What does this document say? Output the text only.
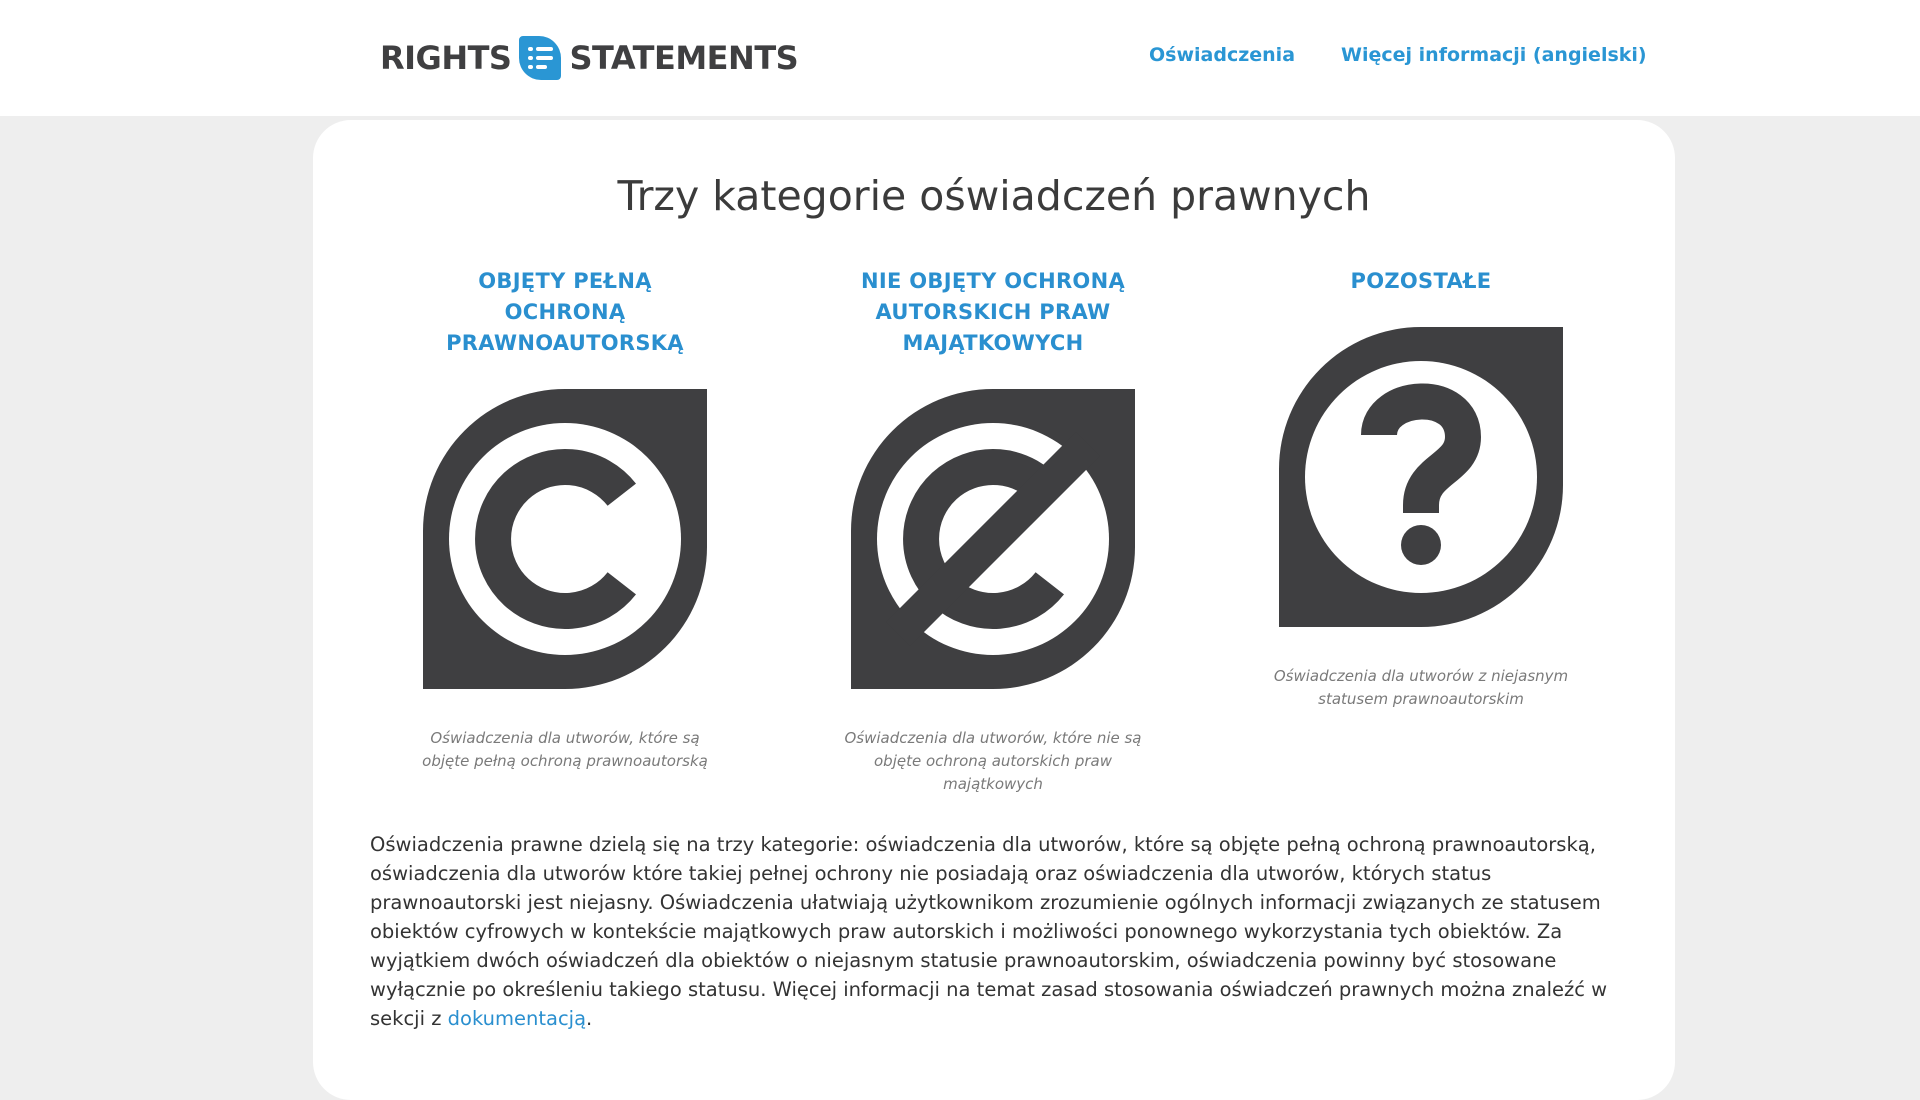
RIGHTS STATEMENTS	Oświadczenia Więcej informacji (angielski)
Trzy kategorie oświadczeń prawnych
OBJĘTY PEŁNĄ OCHRONĄ PRAWNOAUTORSKĄ
Oświadczenia dla utworów, które są objęte pełną ochroną prawnoautorską
NIE OBJĘTY OCHRONĄ AUTORSKICH PRAW MAJĄTKOWYCH
Oświadczenia dla utworów, które nie są objęte ochroną autorskich praw majątkowych
POZOSTAŁE
Oświadczenia dla utworów z niejasnym statusem prawnoautorskim

Oświadczenia prawne dzielą się na trzy kategorie: oświadczenia dla utworów, które są objęte pełną ochroną prawnoautorską, oświadczenia dla utworów które takiej pełnej ochrony nie posiadają oraz oświadczenia dla utworów, których status prawnoautorski jest niejasny. Oświadczenia ułatwiają użytkownikom zrozumienie ogólnych informacji związanych ze statusem obiektów cyfrowych w kontekście majątkowych praw autorskich i możliwości ponownego wykorzystania tych obiektów. Za wyjątkiem dwóch oświadczeń dla obiektów o niejasnym statusie prawnoautorskim, oświadczenia powinny być stosowane wyłącznie po określeniu takiego statusu. Więcej informacji na temat zasad stosowania oświadczeń prawnych można znaleźć w sekcji z dokumentacją.
